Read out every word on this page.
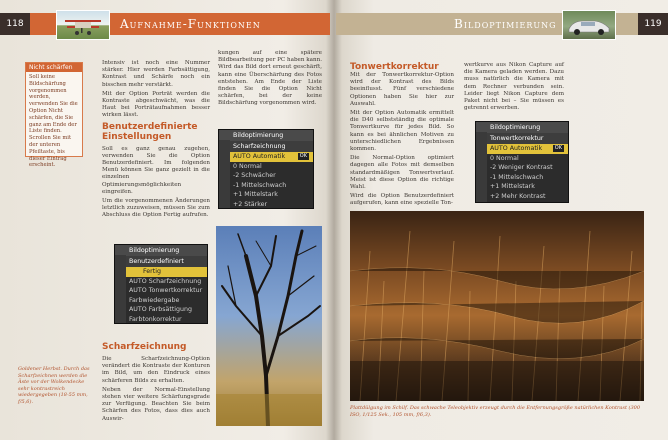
118	Aufnahme-Funktionen	Bildoptimierung	119
Nicht schärfen
Soll keine Bildschärfung vorgenommen werden, verwenden Sie die Option Nicht schärfen, die Sie ganz am Ende der Liste finden. Scrollen Sie mit der unteren Pfeiltaste, bis dieser Eintrag erscheint.

Intensiv ist noch eine Nummer stärker. Hier werden Farbsättigung, Kontrast und Schärfe noch ein bisschen mehr verstärkt.

Mit der Option Porträt werden die Kontraste abgeschwächt, was die Haut bei Porträtaufnahmen besser wirken lässt.

Benutzerdefinierte Einstellungen

Soll es ganz genau zugehen, verwenden Sie die Option Benutzerdefiniert. Im folgenden Menü können Sie ganz gezielt in die einzelnen Optimierungsmöglichkeiten eingreifen.

Um die vorgenommenen Änderungen letztlich zuzuweisen, müssen Sie zum Abschluss die Option Fertig aufrufen.

Bildoptimierung
Benutzerdefiniert
Fertig
AUTO Scharfzeichnung
AUTO Tonwertkorrektur
Farbwiedergabe
AUTO Farbsättigung
Farbtonkorrektur
Scharfzeichnung

Die Scharfzeichnung-Option verändert die Kontraste der Konturen im Bild, um den Eindruck eines schärferen Bilds zu erhalten.

Neben der Normal-Einstellung stehen vier weitere Schärfungsgrade zur Verfügung. Beachten Sie beim Schärfen des Fotos, dass dies auch Auswir-

Goldener Herbst. Durch das Scharfzeichnen werden die Äste vor der Wolkendecke sehr kontrastreich wiedergegeben (18-55 mm, f/5,6).

kungen auf eine spätere Bildbearbeitung per PC haben kann. Wird das Bild dort erneut geschärft, kann eine Überschärfung des Fotos entstehen. Am Ende der Liste finden Sie die Option Nicht schärfen, bei der keine Bildschärfung vorgenommen wird.

Bildoptimierung
Scharfzeichnung
AUTO Automatik	OK
0 Normal
-2 Schwächer
-1 Mittelschwach
+1 Mittelstark
+2 Stärker
Tonwertkorrektur

Mit der Tonwertkorrektur-Option wird der Kontrast des Bilds beeinflusst. Fünf verschiedene Optionen haben Sie hier zur Auswahl.

Mit der Option Automatik ermittelt die D40 selbstständig die optimale Tonwertkurve für jedes Bild. So kann es bei ähnlichen Motiven zu unterschiedlichen Ergebnissen kommen.

Die Normal-Option optimiert dagegen alle Fotos mit demselben standardmäßigen Tonwertverlauf. Meist ist diese Option die richtige Wahl.

Wird die Option Benutzerdefiniert aufgerufen, kann eine spezielle Ton-

wertkurve aus Nikon Capture auf die Kamera geladen werden. Dazu muss natürlich die Kamera mit dem Rechner verbunden sein. Leider liegt Nikon Capture dem Paket nicht bei – Sie müssen es getrennt erwerben.

Bildoptimierung
Tonwertkorrektur
AUTO Automatik	OK
0 Normal
-2 Weniger Kontrast
-1 Mittelschwach
+1 Mittelstark
+2 Mehr Kontrast
Plattdülgung im Schilf. Das schwache Teleobjektiv erzeugt durch die Entfernungsgröße natürlichen Kontrast (300 ISO, 1/125 Sek., 105 mm, f/6,3).
